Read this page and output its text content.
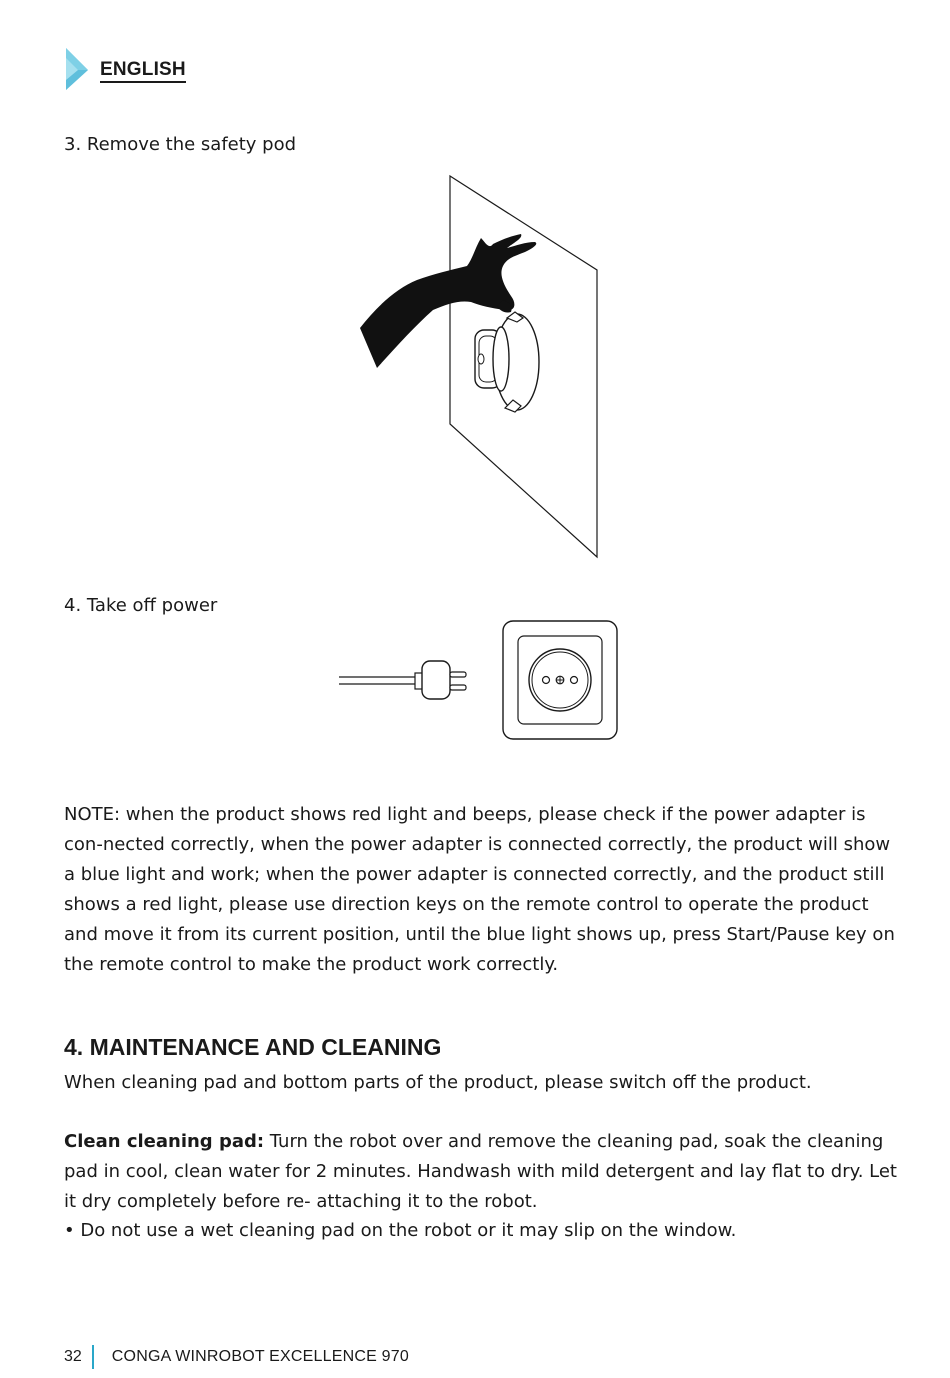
ENGLISH
3. Remove the safety pod
4. Take off power

NOTE: when the product shows red light and beeps, please check if the power adapter is con-nected correctly, when the power adapter is connected correctly, the product will show a blue light and work; when the power adapter is connected correctly, and the product still shows a red light, please use direction keys on the remote control to operate the product and move it from its current position, until the blue light shows up, press Start/Pause key on the remote control to make the product work correctly.

4. MAINTENANCE AND CLEANING

When cleaning pad and bottom parts of the product, please switch off the product.

Clean cleaning pad: Turn the robot over and remove the cleaning pad, soak the cleaning pad in cool, clean water for 2 minutes. Handwash with mild detergent and lay flat to dry. Let it dry completely before re- attaching it to the robot.

• Do not use a wet cleaning pad on the robot or it may slip on the window.

32 CONGA WINROBOT EXCELLENCE 970
